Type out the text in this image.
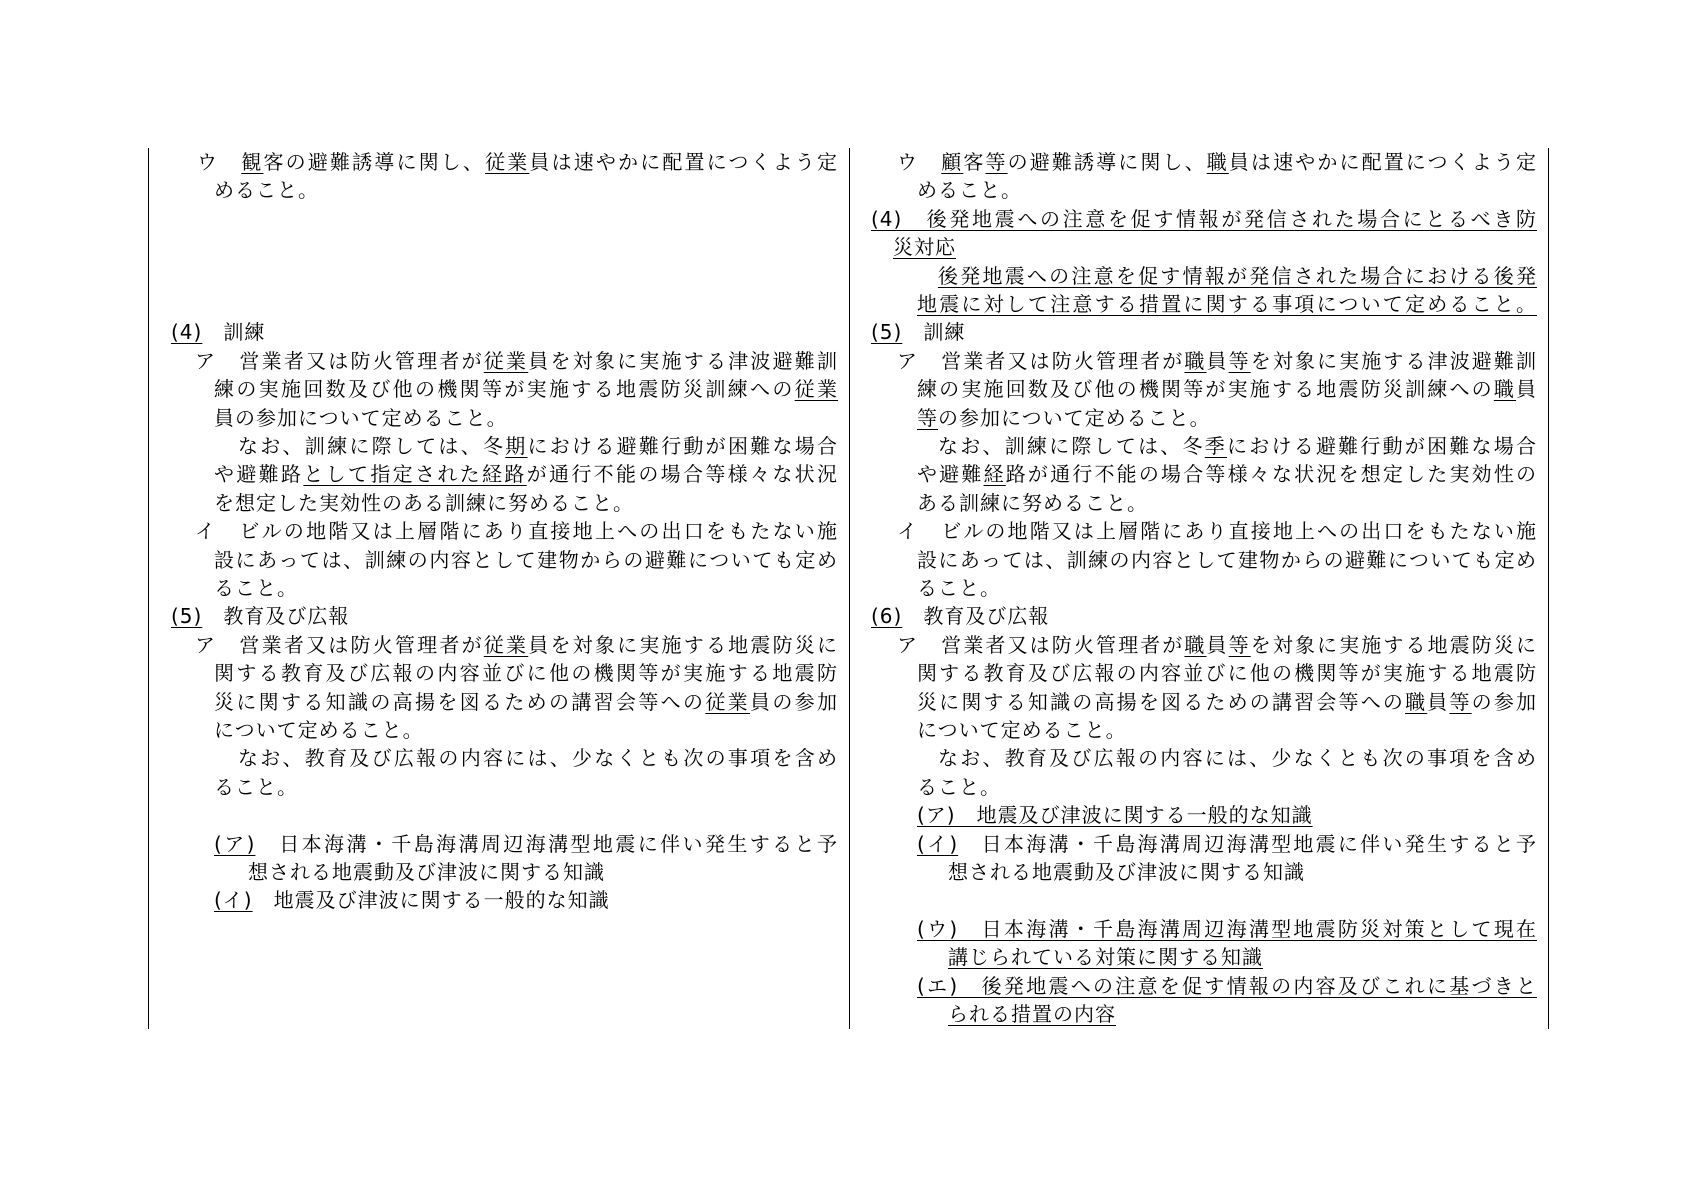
ウ　観客の避難誘導に関し、従業員は速やかに配置につくよう定
めること。
(4)　訓練
ア　営業者又は防火管理者が従業員を対象に実施する津波避難訓
練の実施回数及び他の機関等が実施する地震防災訓練への従業
員の参加について定めること。
なお、訓練に際しては、冬期における避難行動が困難な場合
や避難路として指定された経路が通行不能の場合等様々な状況
を想定した実効性のある訓練に努めること。
イ　ビルの地階又は上層階にあり直接地上への出口をもたない施
設にあっては、訓練の内容として建物からの避難についても定め
ること。
(5)　教育及び広報
ア　営業者又は防火管理者が従業員を対象に実施する地震防災に
関する教育及び広報の内容並びに他の機関等が実施する地震防
災に関する知識の高揚を図るための講習会等への従業員の参加
について定めること。
なお、教育及び広報の内容には、少なくとも次の事項を含め
ること。
(ア)　日本海溝・千島海溝周辺海溝型地震に伴い発生すると予
想される地震動及び津波に関する知識
(イ)　地震及び津波に関する一般的な知識
ウ　顧客等の避難誘導に関し、職員は速やかに配置につくよう定
めること。
(4)　後発地震への注意を促す情報が発信された場合にとるべき防
災対応
後発地震への注意を促す情報が発信された場合における後発
地震に対して注意する措置に関する事項について定めること。
(5)　訓練
ア　営業者又は防火管理者が職員等を対象に実施する津波避難訓
練の実施回数及び他の機関等が実施する地震防災訓練への職員
等の参加について定めること。
なお、訓練に際しては、冬季における避難行動が困難な場合
や避難経路が通行不能の場合等様々な状況を想定した実効性の
ある訓練に努めること。
イ　ビルの地階又は上層階にあり直接地上への出口をもたない施
設にあっては、訓練の内容として建物からの避難についても定め
ること。
(6)　教育及び広報
ア　営業者又は防火管理者が職員等を対象に実施する地震防災に
関する教育及び広報の内容並びに他の機関等が実施する地震防
災に関する知識の高揚を図るための講習会等への職員等の参加
について定めること。
なお、教育及び広報の内容には、少なくとも次の事項を含め
ること。
(ア)　地震及び津波に関する一般的な知識
(イ)　日本海溝・千島海溝周辺海溝型地震に伴い発生すると予
想される地震動及び津波に関する知識
(ウ)　日本海溝・千島海溝周辺海溝型地震防災対策として現在
講じられている対策に関する知識
(エ)　後発地震への注意を促す情報の内容及びこれに基づきと
られる措置の内容
